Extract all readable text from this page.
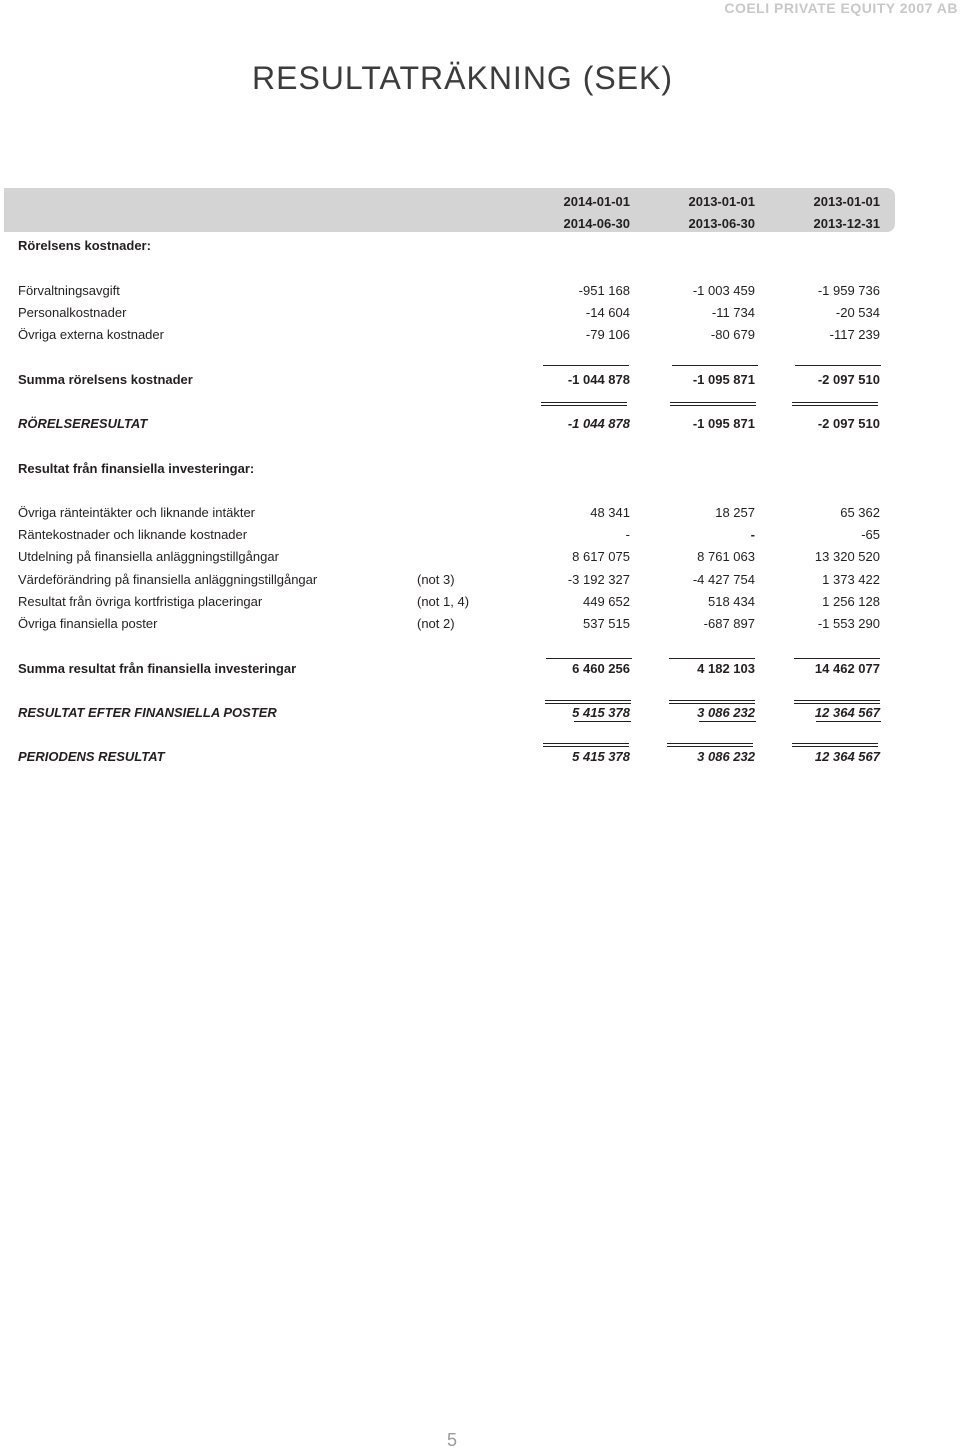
COELI PRIVATE EQUITY 2007 AB
RESULTATRÄKNING (SEK)
2014-01-01	2013-01-01	2013-01-01
2014-06-30	2013-06-30	2013-12-31
Rörelsens kostnader:
Förvaltningsavgift	-951 168	-1 003 459	-1 959 736
Personalkostnader	-14 604	-11 734	-20 534
Övriga externa kostnader	-79 106	-80 679	-117 239
Summa rörelsens kostnader	-1 044 878	-1 095 871	-2 097 510
RÖRELSERESULTAT	-1 044 878	-1 095 871	-2 097 510
Resultat från finansiella investeringar:
Övriga ränteintäkter och liknande intäkter	48 341	18 257	65 362
Räntekostnader och liknande kostnader	-	-	-65
Utdelning på finansiella anläggningstillgångar	8 617 075	8 761 063	13 320 520
Värdeförändring på finansiella anläggningstillgångar	(not 3)	-3 192 327	-4 427 754	1 373 422
Resultat från övriga kortfristiga placeringar	(not 1, 4)	449 652	518 434	1 256 128
Övriga finansiella poster	(not 2)	537 515	-687 897	-1 553 290
Summa resultat från finansiella investeringar	6 460 256	4 182 103	14 462 077
RESULTAT EFTER FINANSIELLA POSTER	5 415 378	3 086 232	12 364 567
PERIODENS RESULTAT	5 415 378	3 086 232	12 364 567
5
